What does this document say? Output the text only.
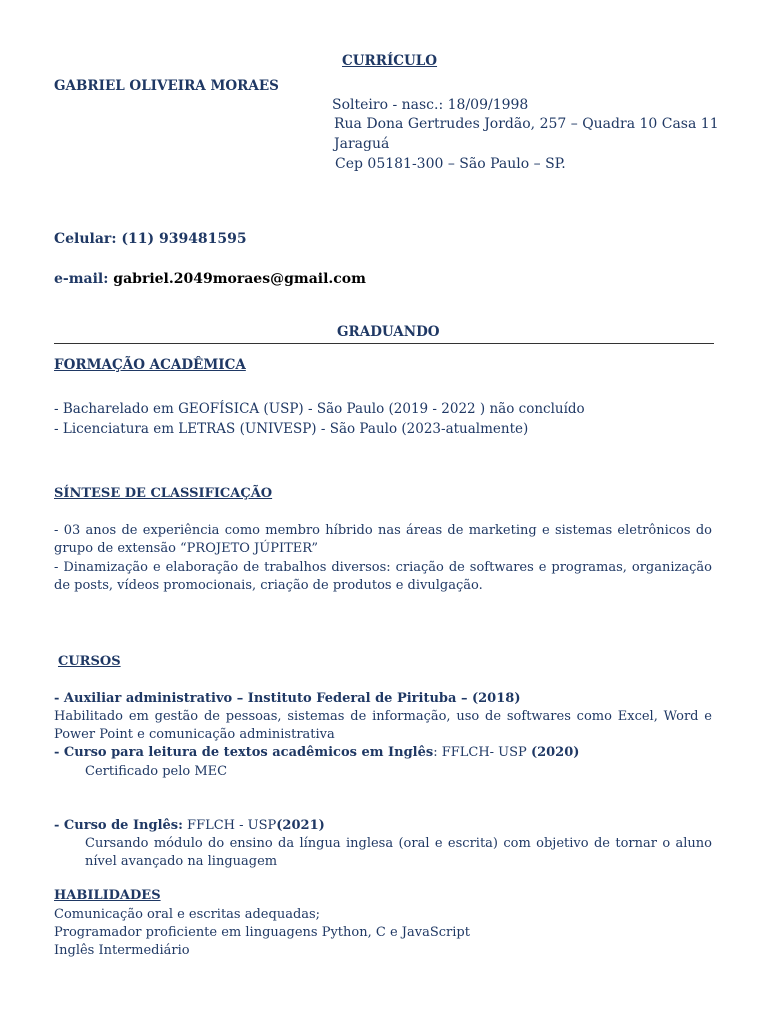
CURRÍCULO
GABRIEL OLIVEIRA MORAES
Solteiro - nasc.: 18/09/1998
Rua Dona Gertrudes Jordão, 257 – Quadra 10 Casa 11
Jaraguá
Cep 05181-300 – São Paulo – SP.
Celular: (11) 939481595
e-mail: gabriel.2049moraes@gmail.com
GRADUANDO
FORMAÇÃO ACADÊMICA
- Bacharelado em GEOFÍSICA (USP) - São Paulo (2019 - 2022 ) não concluído
- Licenciatura em LETRAS (UNIVESP) - São Paulo (2023-atualmente)
SÍNTESE DE CLASSIFICAÇÃO
- 03 anos de experiência como membro híbrido nas áreas de marketing e sistemas eletrônicos do grupo de extensão “PROJETO JÚPITER”
- Dinamização e elaboração de trabalhos diversos: criação de softwares e programas, organização de posts, vídeos promocionais, criação de produtos e divulgação.
CURSOS
- Auxiliar administrativo – Instituto Federal de Pirituba – (2018)
Habilitado em gestão de pessoas, sistemas de informação, uso de softwares como Excel, Word e Power Point e comunicação administrativa
- Curso para leitura de textos acadêmicos em Inglês: FFLCH- USP (2020)
Certificado pelo MEC
- Curso de Inglês: FFLCH - USP(2021)
Cursando módulo do ensino da língua inglesa (oral e escrita) com objetivo de tornar o aluno nível avançado na linguagem
HABILIDADES
Comunicação oral e escritas adequadas;
Programador proficiente em linguagens Python, C e JavaScript
Inglês Intermediário
